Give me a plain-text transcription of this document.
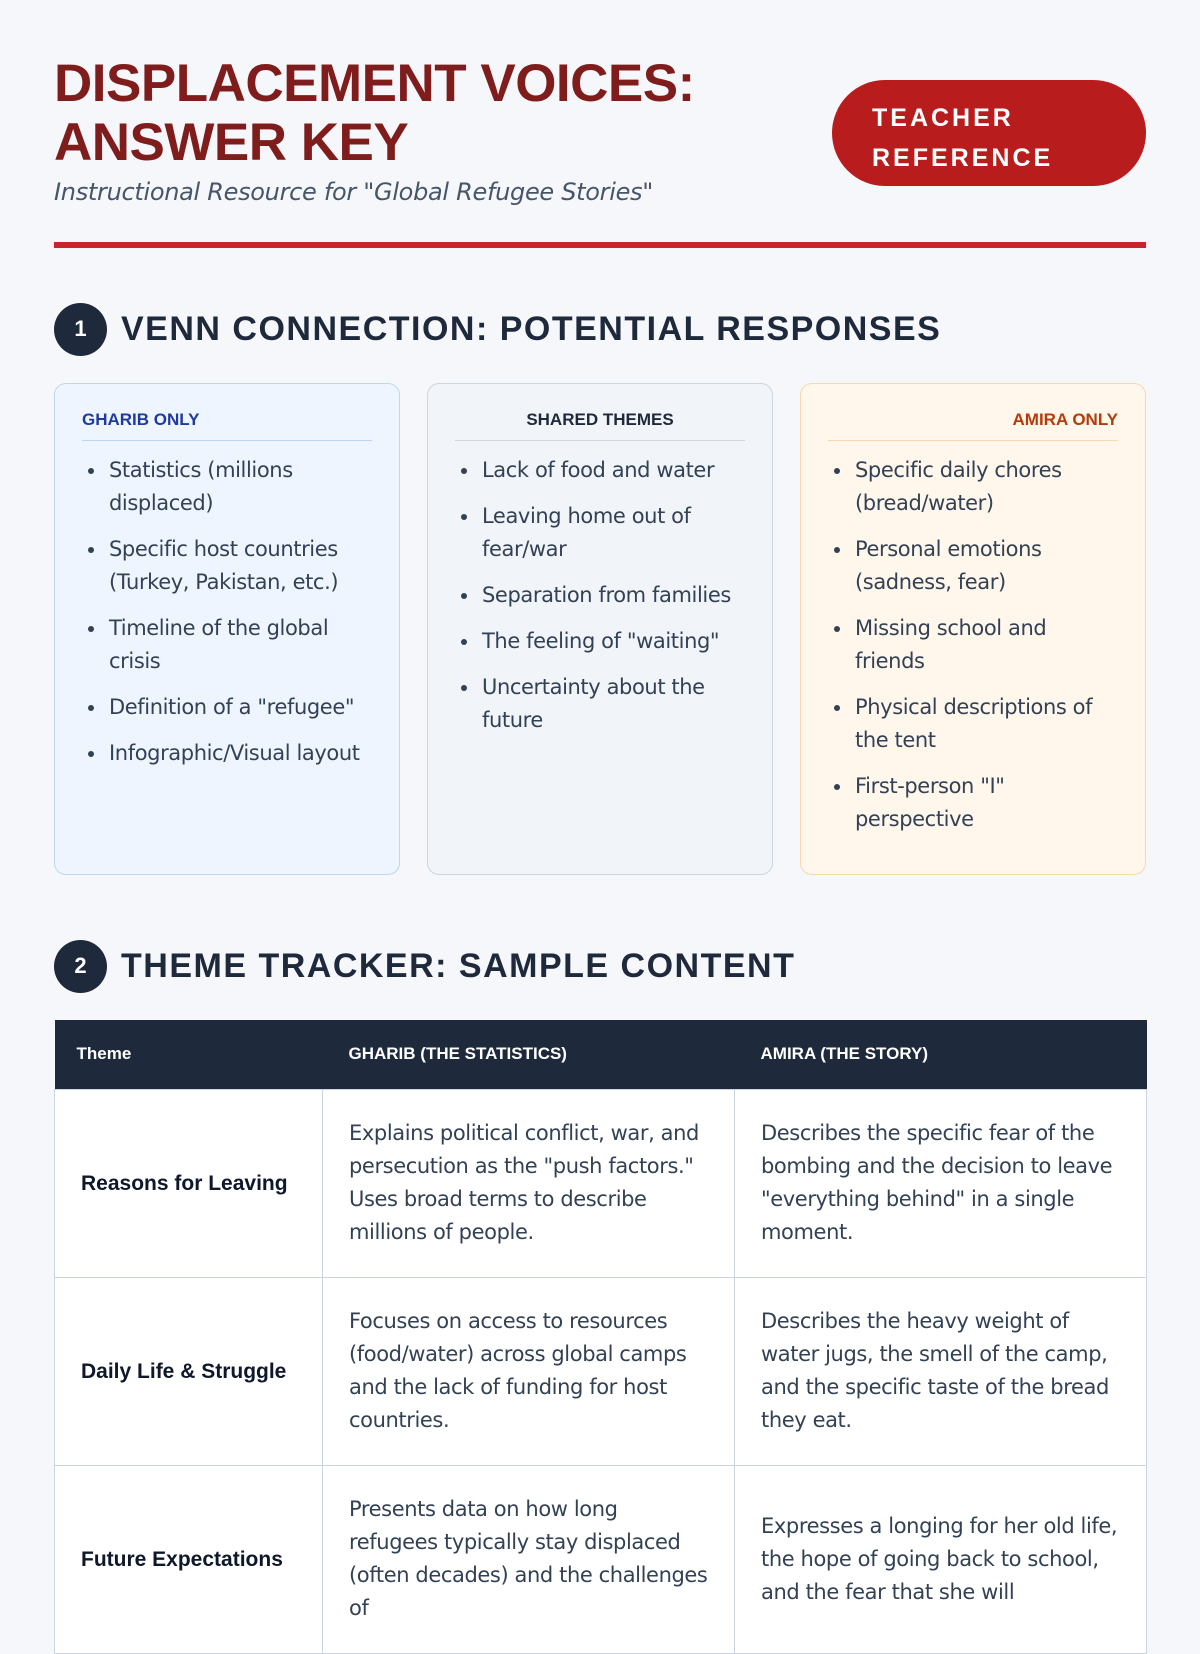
DISPLACEMENT VOICES:
ANSWER KEY

Instructional Resource for "Global Refugee Stories"

TEACHER
REFERENCE
1	VENN CONNECTION: POTENTIAL RESPONSES
GHARIB ONLY
Statistics (millions displaced)
Specific host countries (Turkey, Pakistan, etc.)
Timeline of the global crisis
Definition of a "refugee"
Infographic/Visual layout
SHARED THEMES
Lack of food and water
Leaving home out of fear/war
Separation from families
The feeling of "waiting"
Uncertainty about the future
AMIRA ONLY
Specific daily chores (bread/water)
Personal emotions (sadness, fear)
Missing school and friends
Physical descriptions of the tent
First-person "I" perspective
2	THEME TRACKER: SAMPLE CONTENT
Theme	GHARIB (THE STATISTICS)	AMIRA (THE STORY)
Reasons for Leaving	Explains political conflict, war, and persecution as the "push factors." Uses broad terms to describe millions of people.	Describes the specific fear of the bombing and the decision to leave "everything behind" in a single moment.
Daily Life & Struggle	Focuses on access to resources (food/water) across global camps and the lack of funding for host countries.	Describes the heavy weight of water jugs, the smell of the camp, and the specific taste of the bread they eat.
Future Expectations	Presents data on how long refugees typically stay displaced (often decades) and the challenges of	Expresses a longing for her old life, the hope of going back to school, and the fear that she will
